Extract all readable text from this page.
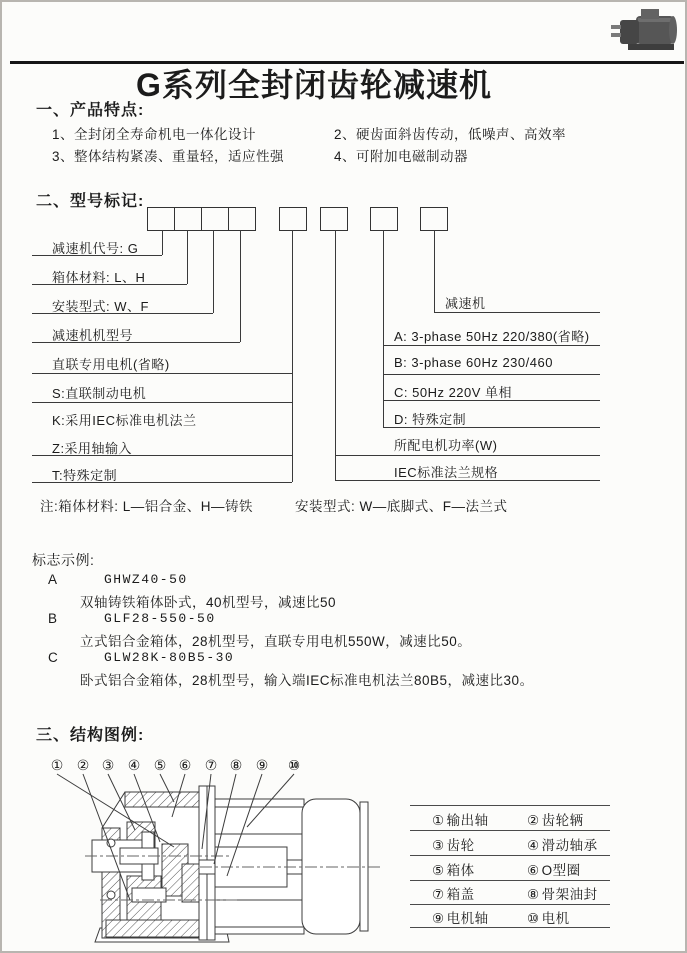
G系列全封闭齿轮减速机
一、产品特点:
1、全封闭全寿命机电一体化设计	2、硬齿面斜齿传动，低噪声、高效率
3、整体结构紧凑、重量轻，适应性强	4、可附加电磁制动器
二、型号标记:
减速机代号: G
箱体材料: L、H
安装型式: W、F
减速机机型号
直联专用电机(省略)
S:直联制动电机
K:采用IEC标准电机法兰
Z:采用轴输入
T:特殊定制
减速机
A: 3-phase 50Hz 220/380(省略)
B: 3-phase 60Hz 230/460
C: 50Hz 220V 单相
D: 特殊定制
所配电机功率(W)
IEC标准法兰规格
注:箱体材料: L—铝合金、H—铸铁	安装型式: W—底脚式、F—法兰式
标志示例:
A	GHWZ40-50
双轴铸铁箱体卧式，40机型号，减速比50
B	GLF28-550-50
立式铝合金箱体，28机型号，直联专用电机550W，减速比50。
C	GLW28K-80B5-30
卧式铝合金箱体，28机型号，输入端IEC标准电机法兰80B5，减速比30。
三、结构图例:
① ② ③ ④ ⑤ ⑥ ⑦ ⑧ ⑨ ⑩
① 输出轴	② 齿轮辆
③ 齿轮	④ 滑动轴承
⑤ 箱体	⑥ O型圈
⑦ 箱盖	⑧ 骨架油封
⑨ 电机轴	⑩ 电机
